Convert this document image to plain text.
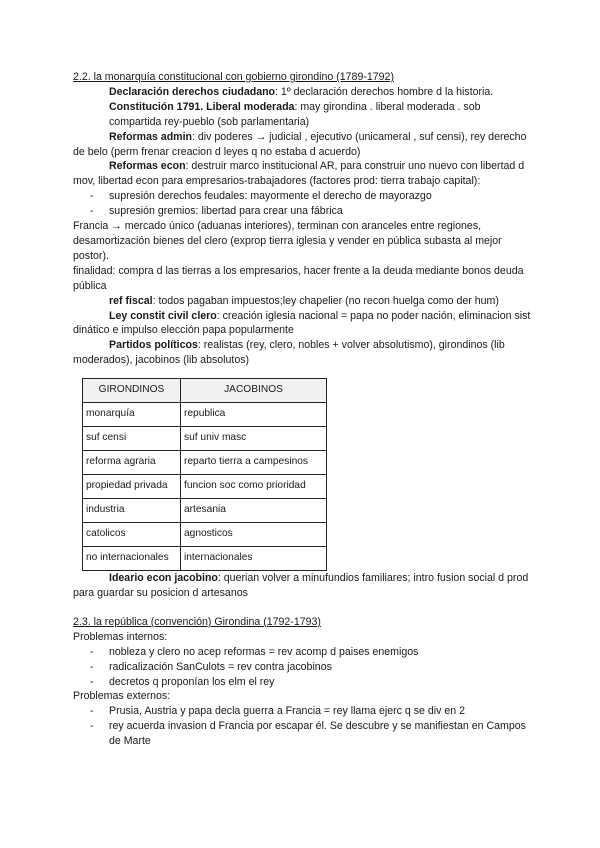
2.2. la monarquía constitucional con gobierno girondino (1789-1792)
Declaración derechos ciudadano: 1º declaración derechos hombre d la historia.
Constitución 1791. Liberal moderada: may girondina . liberal moderada . sob compartida rey-pueblo (sob parlamentaria)
Reformas admin: div poderes → judicial , ejecutivo (unicameral , suf censi), rey derecho de belo (perm frenar creacion d leyes q no estaba d acuerdo)
Reformas econ: destruir marco institucional AR, para construir uno nuevo con libertad d mov, libertad econ para empresarios-trabajadores (factores prod: tierra trabajo capital):
- supresión derechos feudales: mayormente el derecho de mayorazgo
- supresión gremios: libertad para crear una fábrica
Francia → mercado único (aduanas interiores), terminan con aranceles entre regiones, desamortización bienes del clero (exprop tierra iglesia y vender en pública subasta al mejor postor).
finalidad: compra d las tierras a los empresarios, hacer frente a la deuda mediante bonos deuda pública
ref fiscal: todos pagaban impuestos;ley chapelier (no recon huelga como der hum)
Ley constit civil clero: creación iglesia nacional = papa no poder nación, eliminacion sist dinático e impulso elección papa popularmente
Partidos políticos: realistas (rey, clero, nobles + volver absolutismo), girondinos (lib moderados), jacobinos (lib absolutos)
GIRONDINOS	JACOBINOS
monarquía	republica
suf censi	suf univ masc
reforma agraria	reparto tierra a campesinos
propiedad privada	funcion soc como prioridad
industria	artesania
catolicos	agnosticos
no internacionales	internacionales
Ideario econ jacobino: querian volver a minufundios familiares; intro fusion social d prod para guardar su posicion d artesanos
2.3. la república (convención) Girondina (1792-1793)
Problemas internos:
- nobleza y clero no acep reformas = rev acomp d paises enemigos
- radicalización SanCulots = rev contra jacobinos
- decretos q proponían los elm el rey
Problemas externos:
- Prusia, Austria y papa decla guerra a Francia = rey llama ejerc q se div en 2
- rey acuerda invasion d Francia por escapar él. Se descubre y se manifiestan en Campos de Marte
